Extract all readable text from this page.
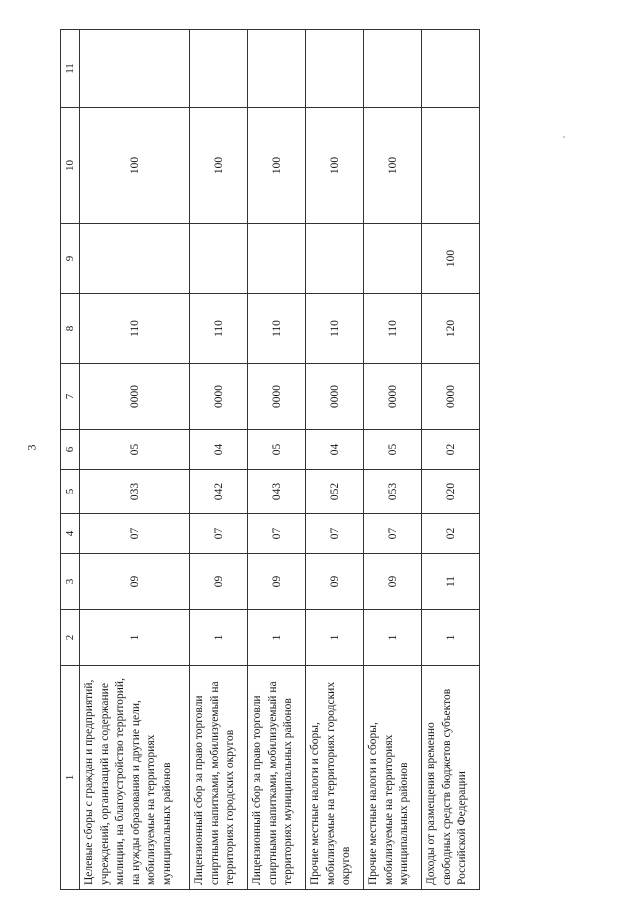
3
1	2	3	4	5	6	7	8	9	10	11
Целевые сборы с граждан и предприятий, учреждений, организаций на содержание милиции, на благоустройство территорий, на нужды образования и другие цели, мобилизуемые на территориях муниципальных районов	1	09	07	033	05	0000	110		100	
Лицензионный сбор за право торговли спиртными напитками, мобилизуемый на территориях городских округов	1	09	07	042	04	0000	110		100	
Лицензионный сбор за право торговли спиртными напитками, мобилизуемый на территориях муниципальных районов	1	09	07	043	05	0000	110		100	
Прочие местные налоги и сборы, мобилизуемые на территориях городских округов	1	09	07	052	04	0000	110		100	
Прочие местные налоги и сборы, мобилизуемые на территориях муниципальных районов	1	09	07	053	05	0000	110		100	
Доходы от размещения временно свободных средств бюджетов субъектов Российской Федерации	1	11	02	020	02	0000	120	100		
